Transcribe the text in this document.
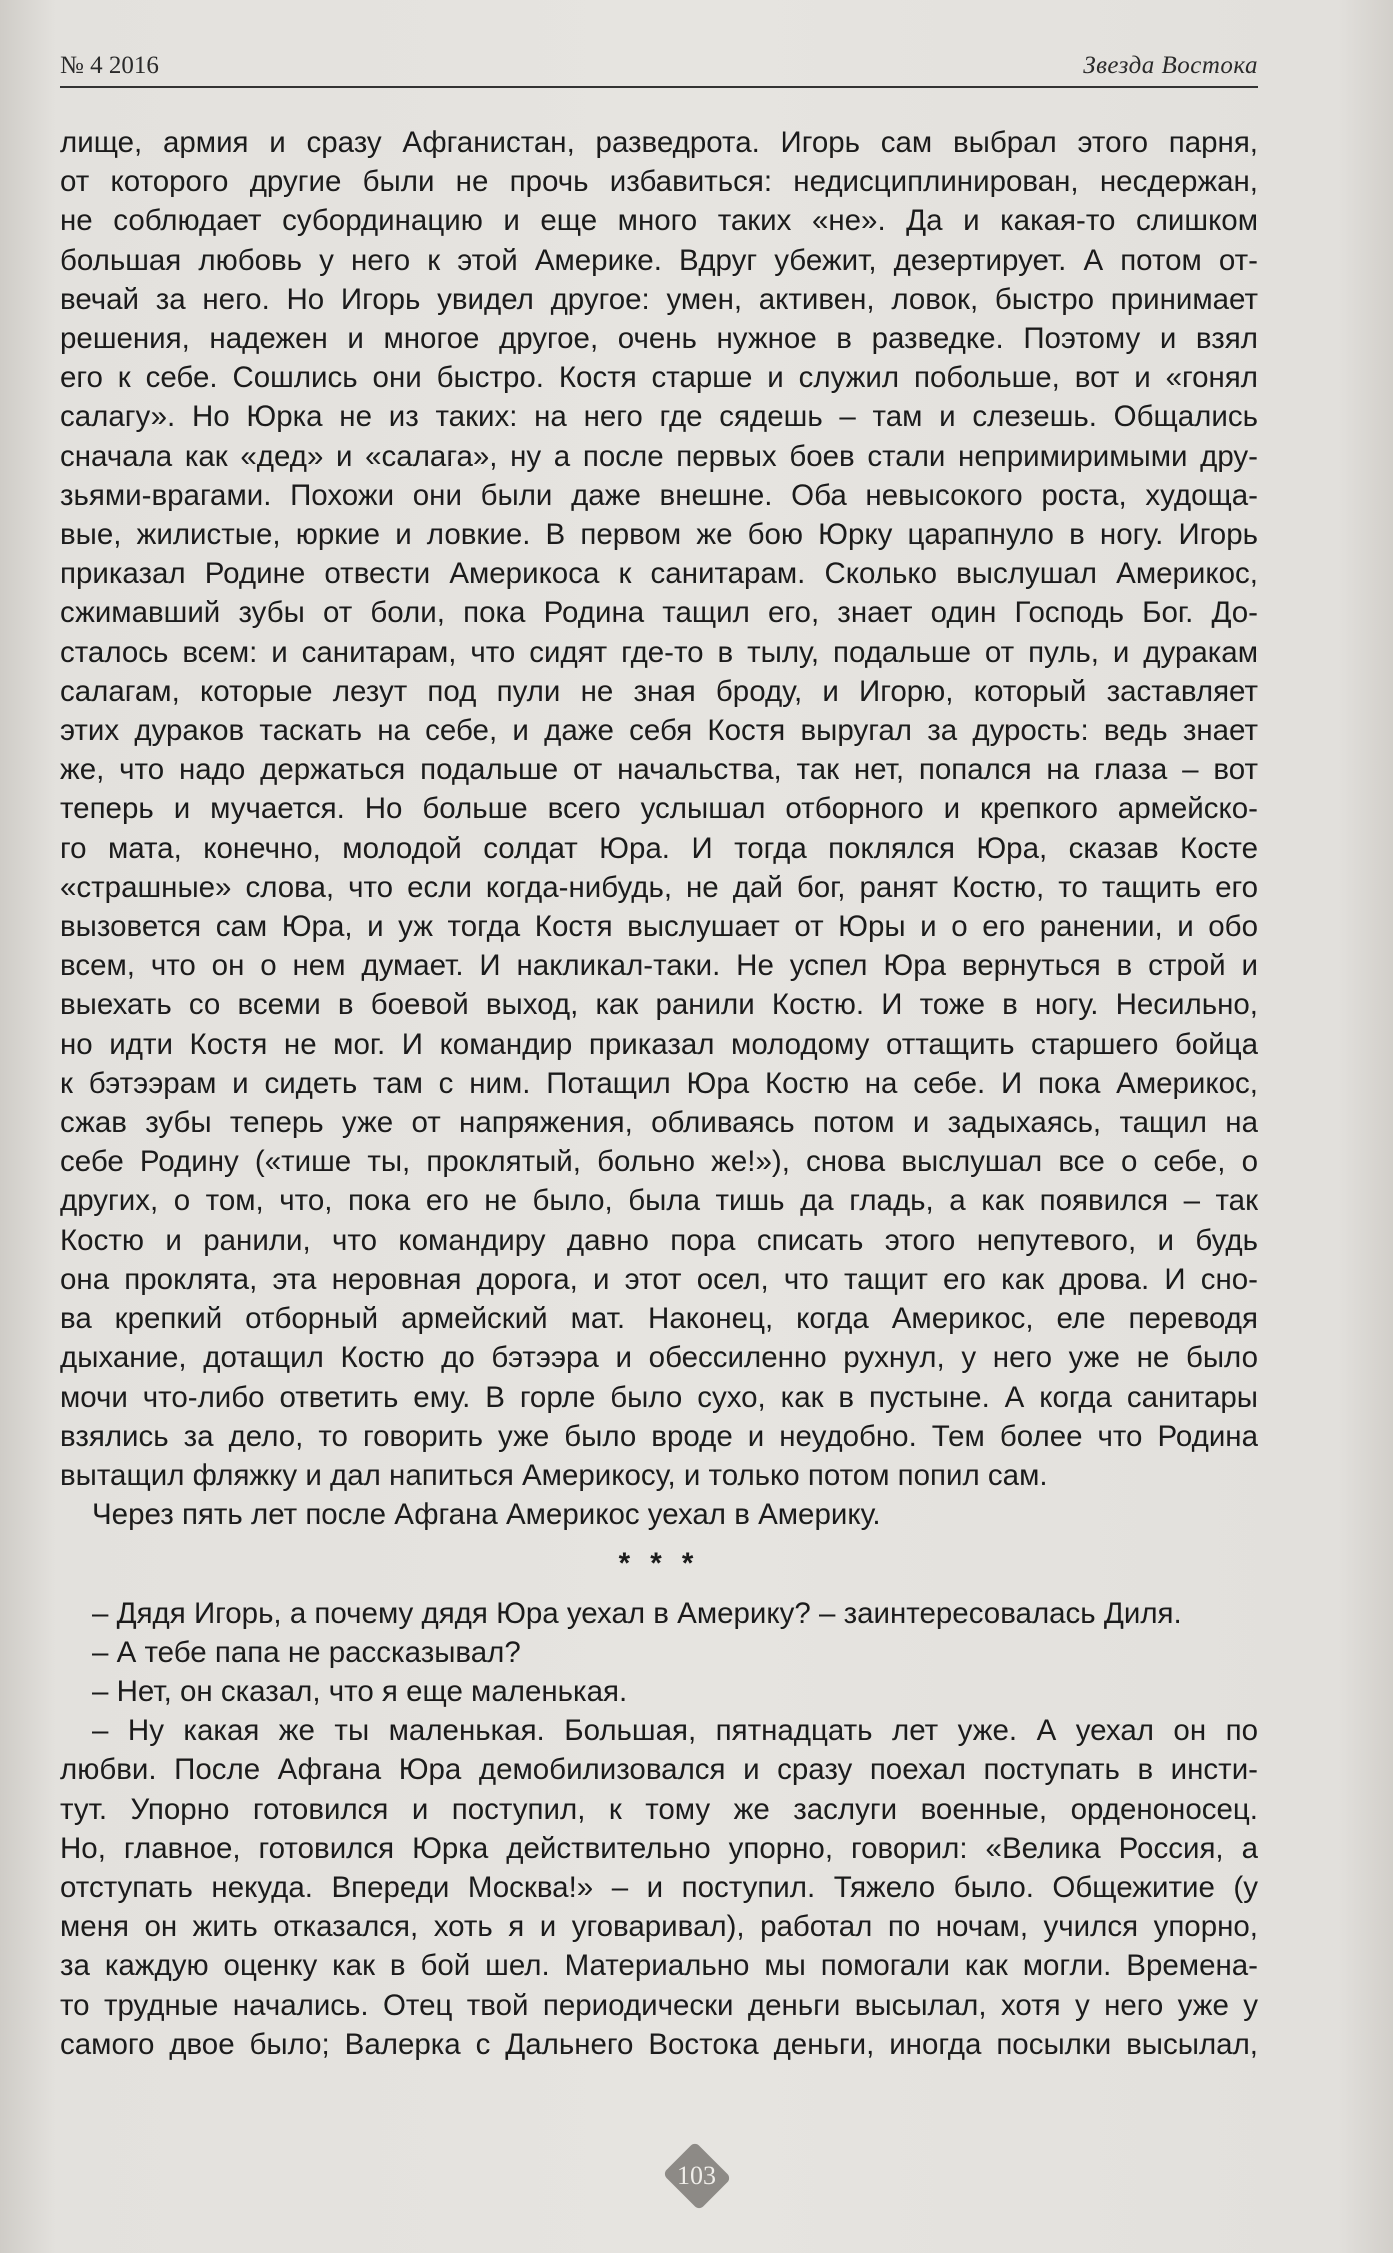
№ 4 2016	Звезда Востока
лище, армия и сразу Афганистан, разведрота. Игорь сам выбрал этого парня,
от которого другие были не прочь избавиться: недисциплинирован, несдержан,
не соблюдает субординацию и еще много таких «не». Да и какая-то слишком
большая любовь у него к этой Америке. Вдруг убежит, дезертирует. А потом от-
вечай за него. Но Игорь увидел другое: умен, активен, ловок, быстро принимает
решения, надежен и многое другое, очень нужное в разведке. Поэтому и взял
его к себе. Сошлись они быстро. Костя старше и служил побольше, вот и «гонял
салагу». Но Юрка не из таких: на него где сядешь – там и слезешь. Общались
сначала как «дед» и «салага», ну а после первых боев стали непримиримыми дру-
зьями-врагами. Похожи они были даже внешне. Оба невысокого роста, худоща-
вые, жилистые, юркие и ловкие. В первом же бою Юрку царапнуло в ногу. Игорь
приказал Родине отвести Америкоса к санитарам. Сколько выслушал Америкос,
сжимавший зубы от боли, пока Родина тащил его, знает один Господь Бог. До-
сталось всем: и санитарам, что сидят где-то в тылу, подальше от пуль, и дуракам
салагам, которые лезут под пули не зная броду, и Игорю, который заставляет
этих дураков таскать на себе, и даже себя Костя выругал за дурость: ведь знает
же, что надо держаться подальше от начальства, так нет, попался на глаза – вот
теперь и мучается. Но больше всего услышал отборного и крепкого армейско-
го мата, конечно, молодой солдат Юра. И тогда поклялся Юра, сказав Косте
«страшные» слова, что если когда-нибудь, не дай бог, ранят Костю, то тащить его
вызовется сам Юра, и уж тогда Костя выслушает от Юры и о его ранении, и обо
всем, что он о нем думает. И накликал-таки. Не успел Юра вернуться в строй и
выехать со всеми в боевой выход, как ранили Костю. И тоже в ногу. Несильно,
но идти Костя не мог. И командир приказал молодому оттащить старшего бойца
к бэтээрам и сидеть там с ним. Потащил Юра Костю на себе. И пока Америкос,
сжав зубы теперь уже от напряжения, обливаясь потом и задыхаясь, тащил на
себе Родину («тише ты, проклятый, больно же!»), снова выслушал все о себе, о
других, о том, что, пока его не было, была тишь да гладь, а как появился – так
Костю и ранили, что командиру давно пора списать этого непутевого, и будь
она проклята, эта неровная дорога, и этот осел, что тащит его как дрова. И сно-
ва крепкий отборный армейский мат. Наконец, когда Америкос, еле переводя
дыхание, дотащил Костю до бэтээра и обессиленно рухнул, у него уже не было
мочи что-либо ответить ему. В горле было сухо, как в пустыне. А когда санитары
взялись за дело, то говорить уже было вроде и неудобно. Тем более что Родина
вытащил фляжку и дал напиться Америкосу, и только потом попил сам.
Через пять лет после Афгана Америкос уехал в Америку.
* * *
– Дядя Игорь, а почему дядя Юра уехал в Америку? – заинтересовалась Диля.
– А тебе папа не рассказывал?
– Нет, он сказал, что я еще маленькая.
– Ну какая же ты маленькая. Большая, пятнадцать лет уже. А уехал он по
любви. После Афгана Юра демобилизовался и сразу поехал поступать в инсти-
тут. Упорно готовился и поступил, к тому же заслуги военные, орденоносец.
Но, главное, готовился Юрка действительно упорно, говорил: «Велика Россия, а
отступать некуда. Впереди Москва!» – и поступил. Тяжело было. Общежитие (у
меня он жить отказался, хоть я и уговаривал), работал по ночам, учился упорно,
за каждую оценку как в бой шел. Материально мы помогали как могли. Времена-
то трудные начались. Отец твой периодически деньги высылал, хотя у него уже у
самого двое было; Валерка с Дальнего Востока деньги, иногда посылки высылал,
103
